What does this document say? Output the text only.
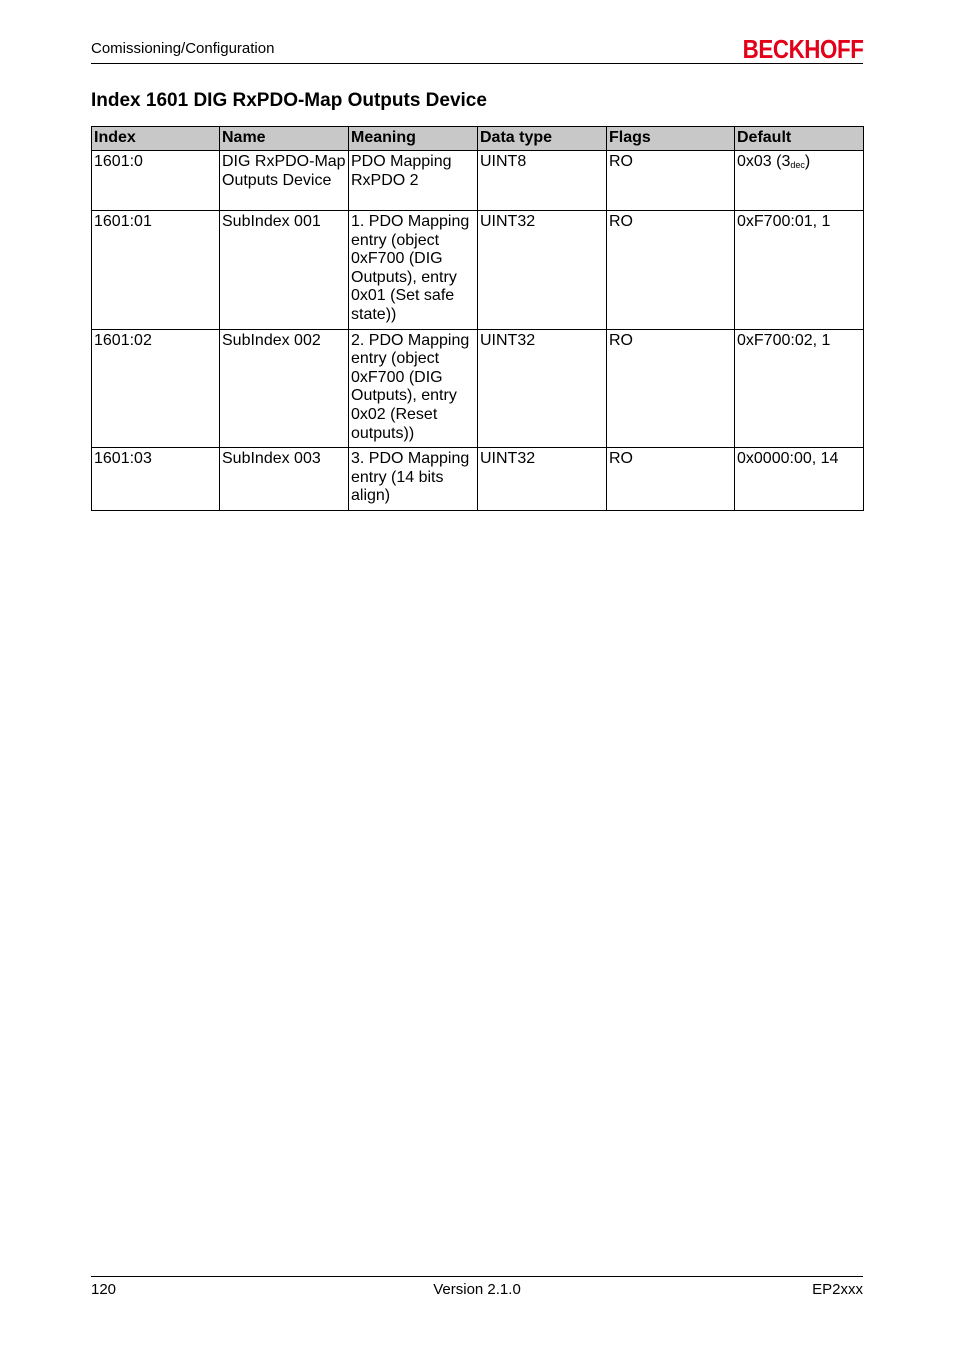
Comissioning/Configuration	BECKHOFF
Index 1601 DIG RxPDO-Map Outputs Device
Index	Name	Meaning	Data type	Flags	Default
1601:0	DIG RxPDO-Map Outputs Device	PDO Mapping RxPDO 2	UINT8	RO	0x03 $(3_{dec})$
1601:01	SubIndex 001	1. PDO Mapping entry (object 0xF700 (DIG Outputs), entry 0x01 (Set safe state))	UINT32	RO	0xF700:01, 1
1601:02	SubIndex 002	2. PDO Mapping entry (object 0xF700 (DIG Outputs), entry 0x02 (Reset outputs))	UINT32	RO	0xF700:02, 1
1601:03	SubIndex 003	3. PDO Mapping entry (14 bits align)	UINT32	RO	0x0000:00, 14
120	Version 2.1.0	EP2xxx
